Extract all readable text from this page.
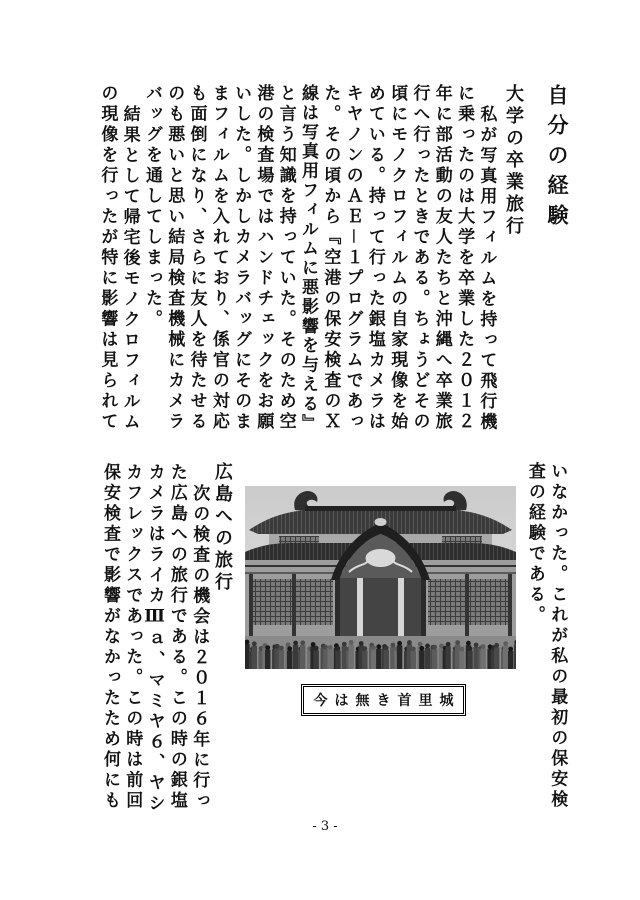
自分の経験
大学の卒業旅行

私が写真用フィルムを持って飛行機

に乗ったのは大学を卒業した２０１２

年に部活動の友人たちと沖縄へ卒業旅

行へ行ったときである。ちょうどその

頃にモノクロフィルムの自家現像を始

めている。持って行った銀塩カメラは

キヤノンのＡＥ－１プログラムであっ

た。その頃から『空港の保安検査のＸ

線は写真用フィルムに悪影響を与える』

と言う知識を持っていた。そのため空

港の検査場ではハンドチェックをお願

いした。しかしカメラバッグにそのま

まフィルムを入れており、係官の対応

も面倒になり、さらに友人を待たせる

のも悪いと思い結局検査機械にカメラ

バッグを通してしまった。

結果として帰宅後モノクロフィルム

の現像を行ったが特に影響は見られて

いなかった。これが私の最初の保安検

査の経験である。

今は無き首里城
広島への旅行

次の検査の機会は２０１６年に行っ

た広島への旅行である。この時の銀塩

カメラはライカⅢａ、マミヤ６、ヤシ

カフレックスであった。この時は前回

保安検査で影響がなかったため何にも

- 3 -
